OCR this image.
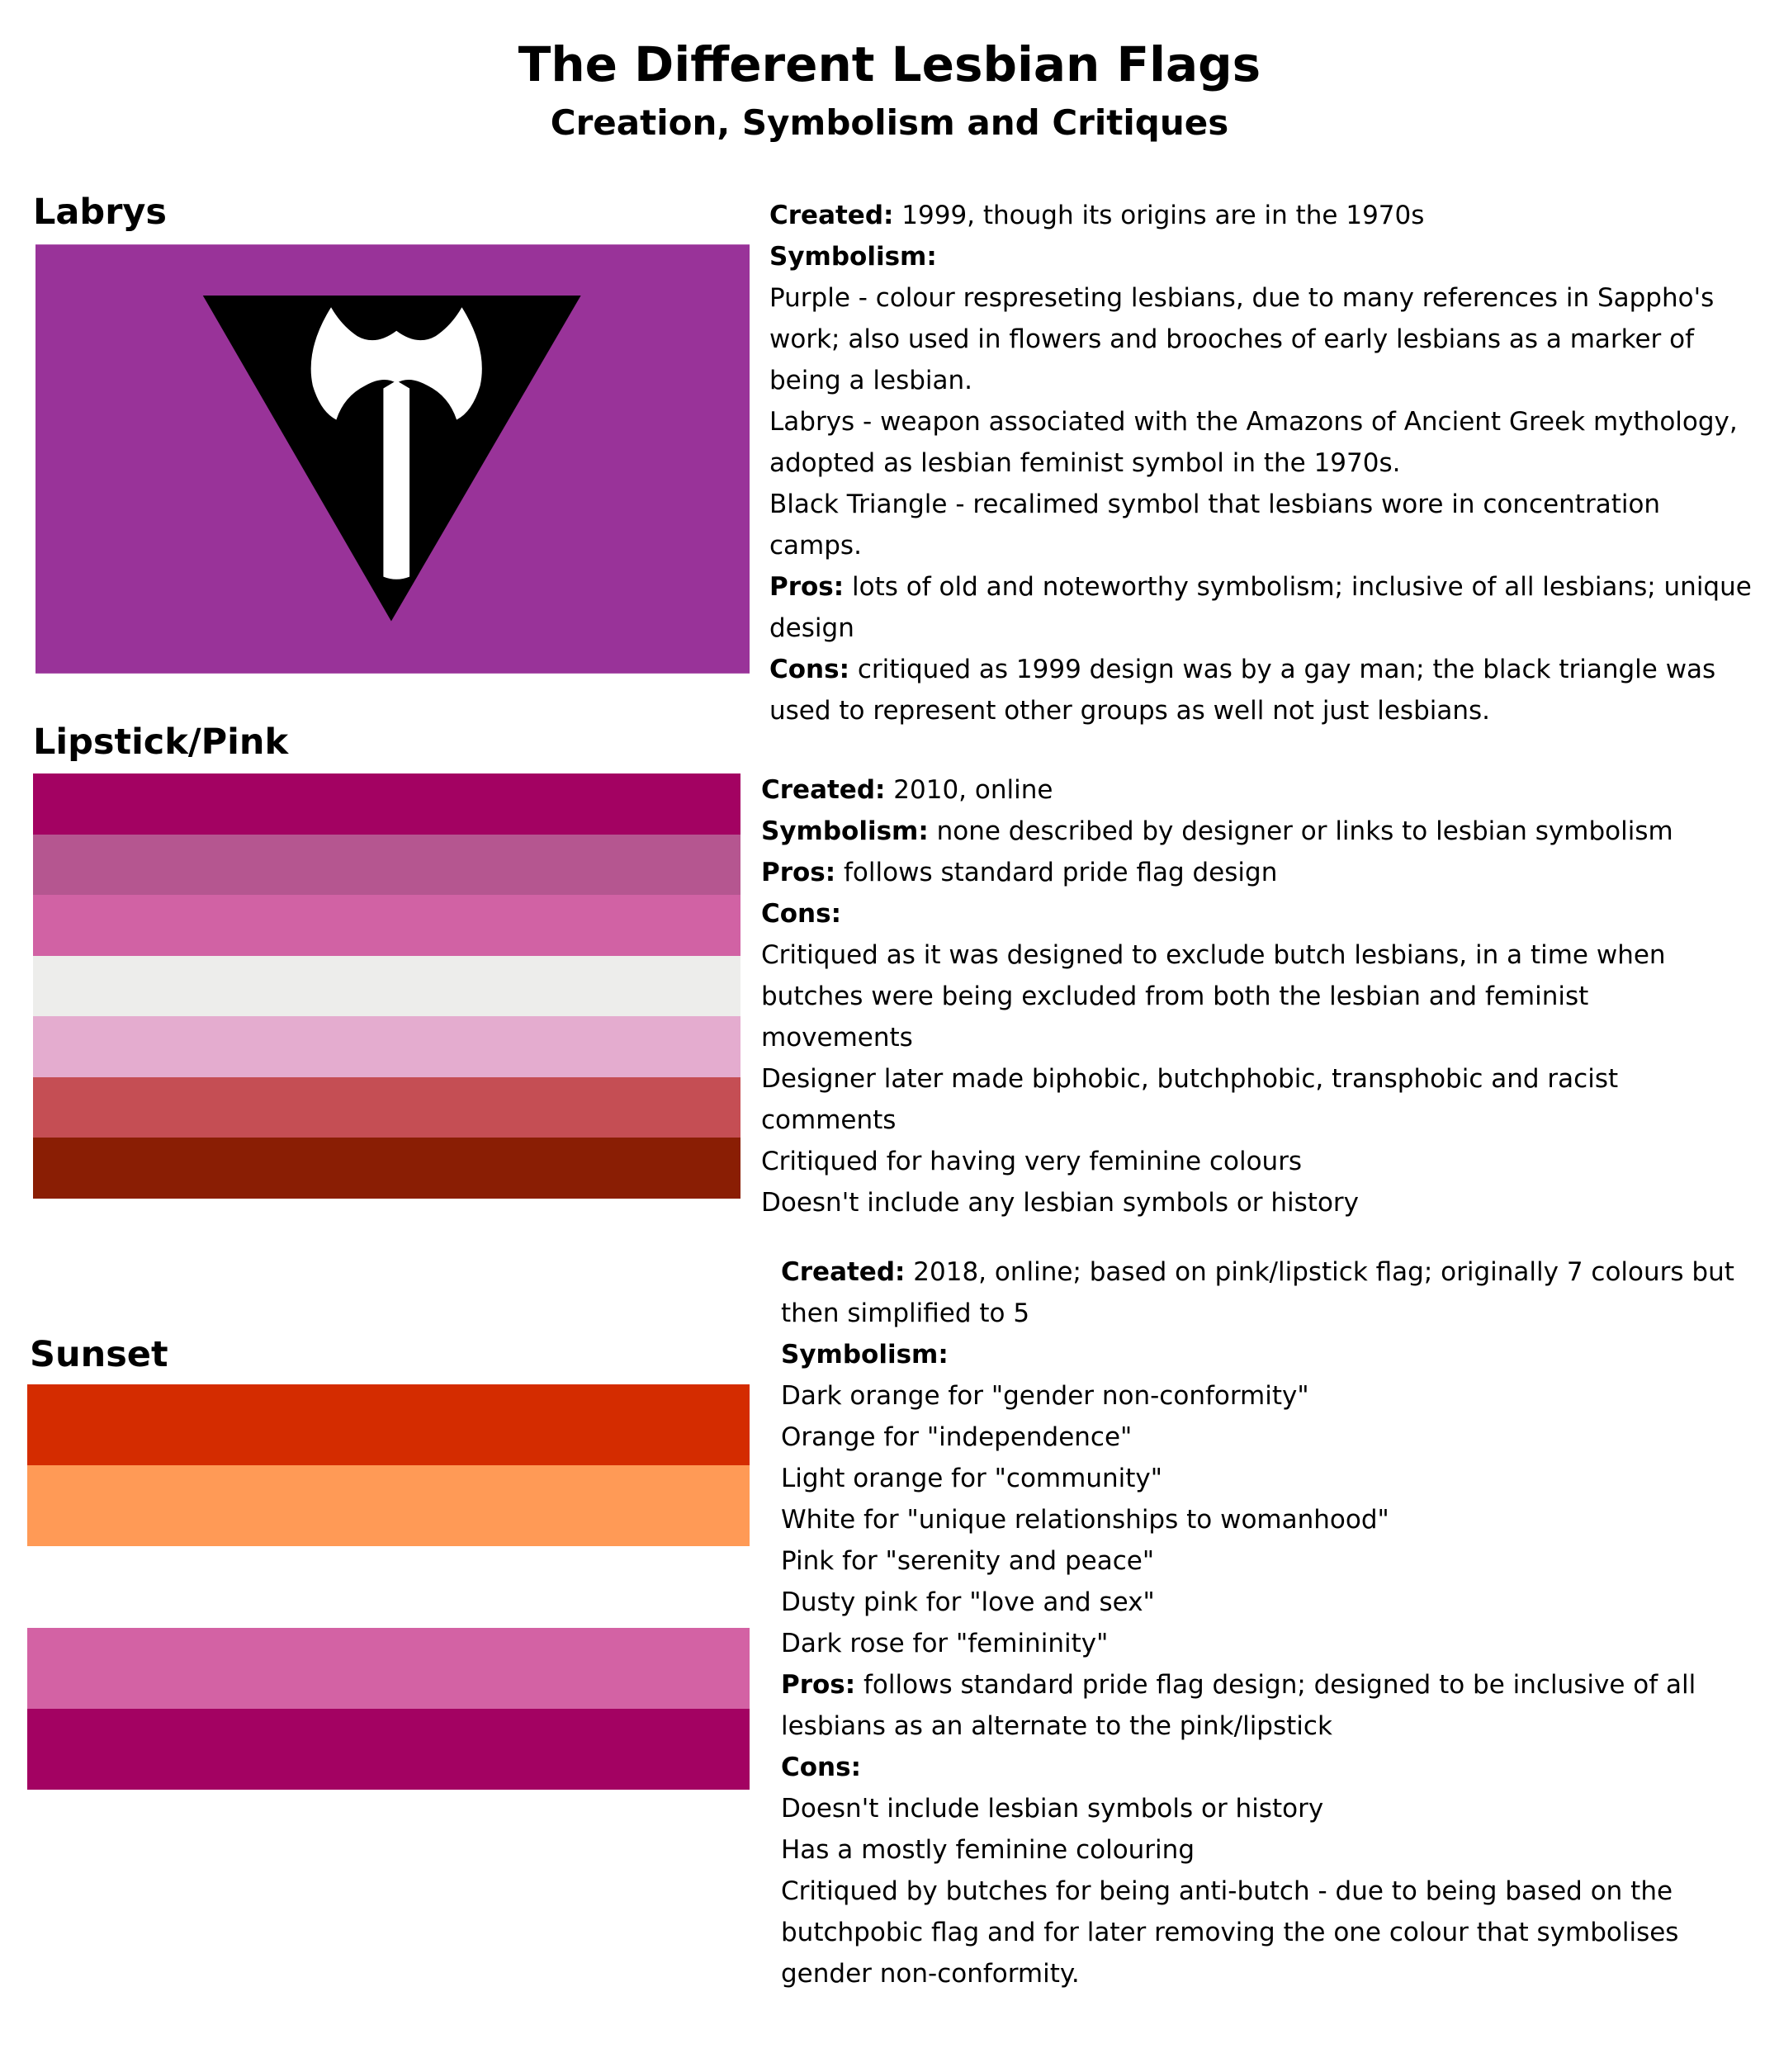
The Different Lesbian Flags
Creation, Symbolism and Critiques
Labrys	Created: 1999, though its origins are in the 1970s

Symbolism:

Purple - colour respreseting lesbians, due to many references in Sappho's work; also used in flowers and brooches of early lesbians as a marker of being a lesbian.

Labrys - weapon associated with the Amazons of Ancient Greek mythology, adopted as lesbian feminist symbol in the 1970s.

Black Triangle - recalimed symbol that lesbians wore in concentration camps.

Pros: lots of old and noteworthy symbolism; inclusive of all lesbians; unique design

Cons: critiqued as 1999 design was by a gay man; the black triangle was used to represent other groups as well not just lesbians.

Lipstick/Pink

Created: 2010, online

Symbolism: none described by designer or links to lesbian symbolism

Pros: follows standard pride flag design

Cons:

Critiqued as it was designed to exclude butch lesbians, in a time when butches were being excluded from both the lesbian and feminist movements

Designer later made biphobic, butchphobic, transphobic and racist comments

Critiqued for having very feminine colours

Doesn't include any lesbian symbols or history

Sunset

Created: 2018, online; based on pink/lipstick flag; originally 7 colours but then simplified to 5

Symbolism:

Dark orange for "gender non-conformity"

Orange for "independence"

Light orange for "community"

White for "unique relationships to womanhood"

Pink for "serenity and peace"

Dusty pink for "love and sex"

Dark rose for "femininity"

Pros: follows standard pride flag design; designed to be inclusive of all lesbians as an alternate to the pink/lipstick

Cons:

Doesn't include lesbian symbols or history

Has a mostly feminine colouring

Critiqued by butches for being anti-butch - due to being based on the butchpobic flag and for later removing the one colour that symbolises gender non-conformity.
